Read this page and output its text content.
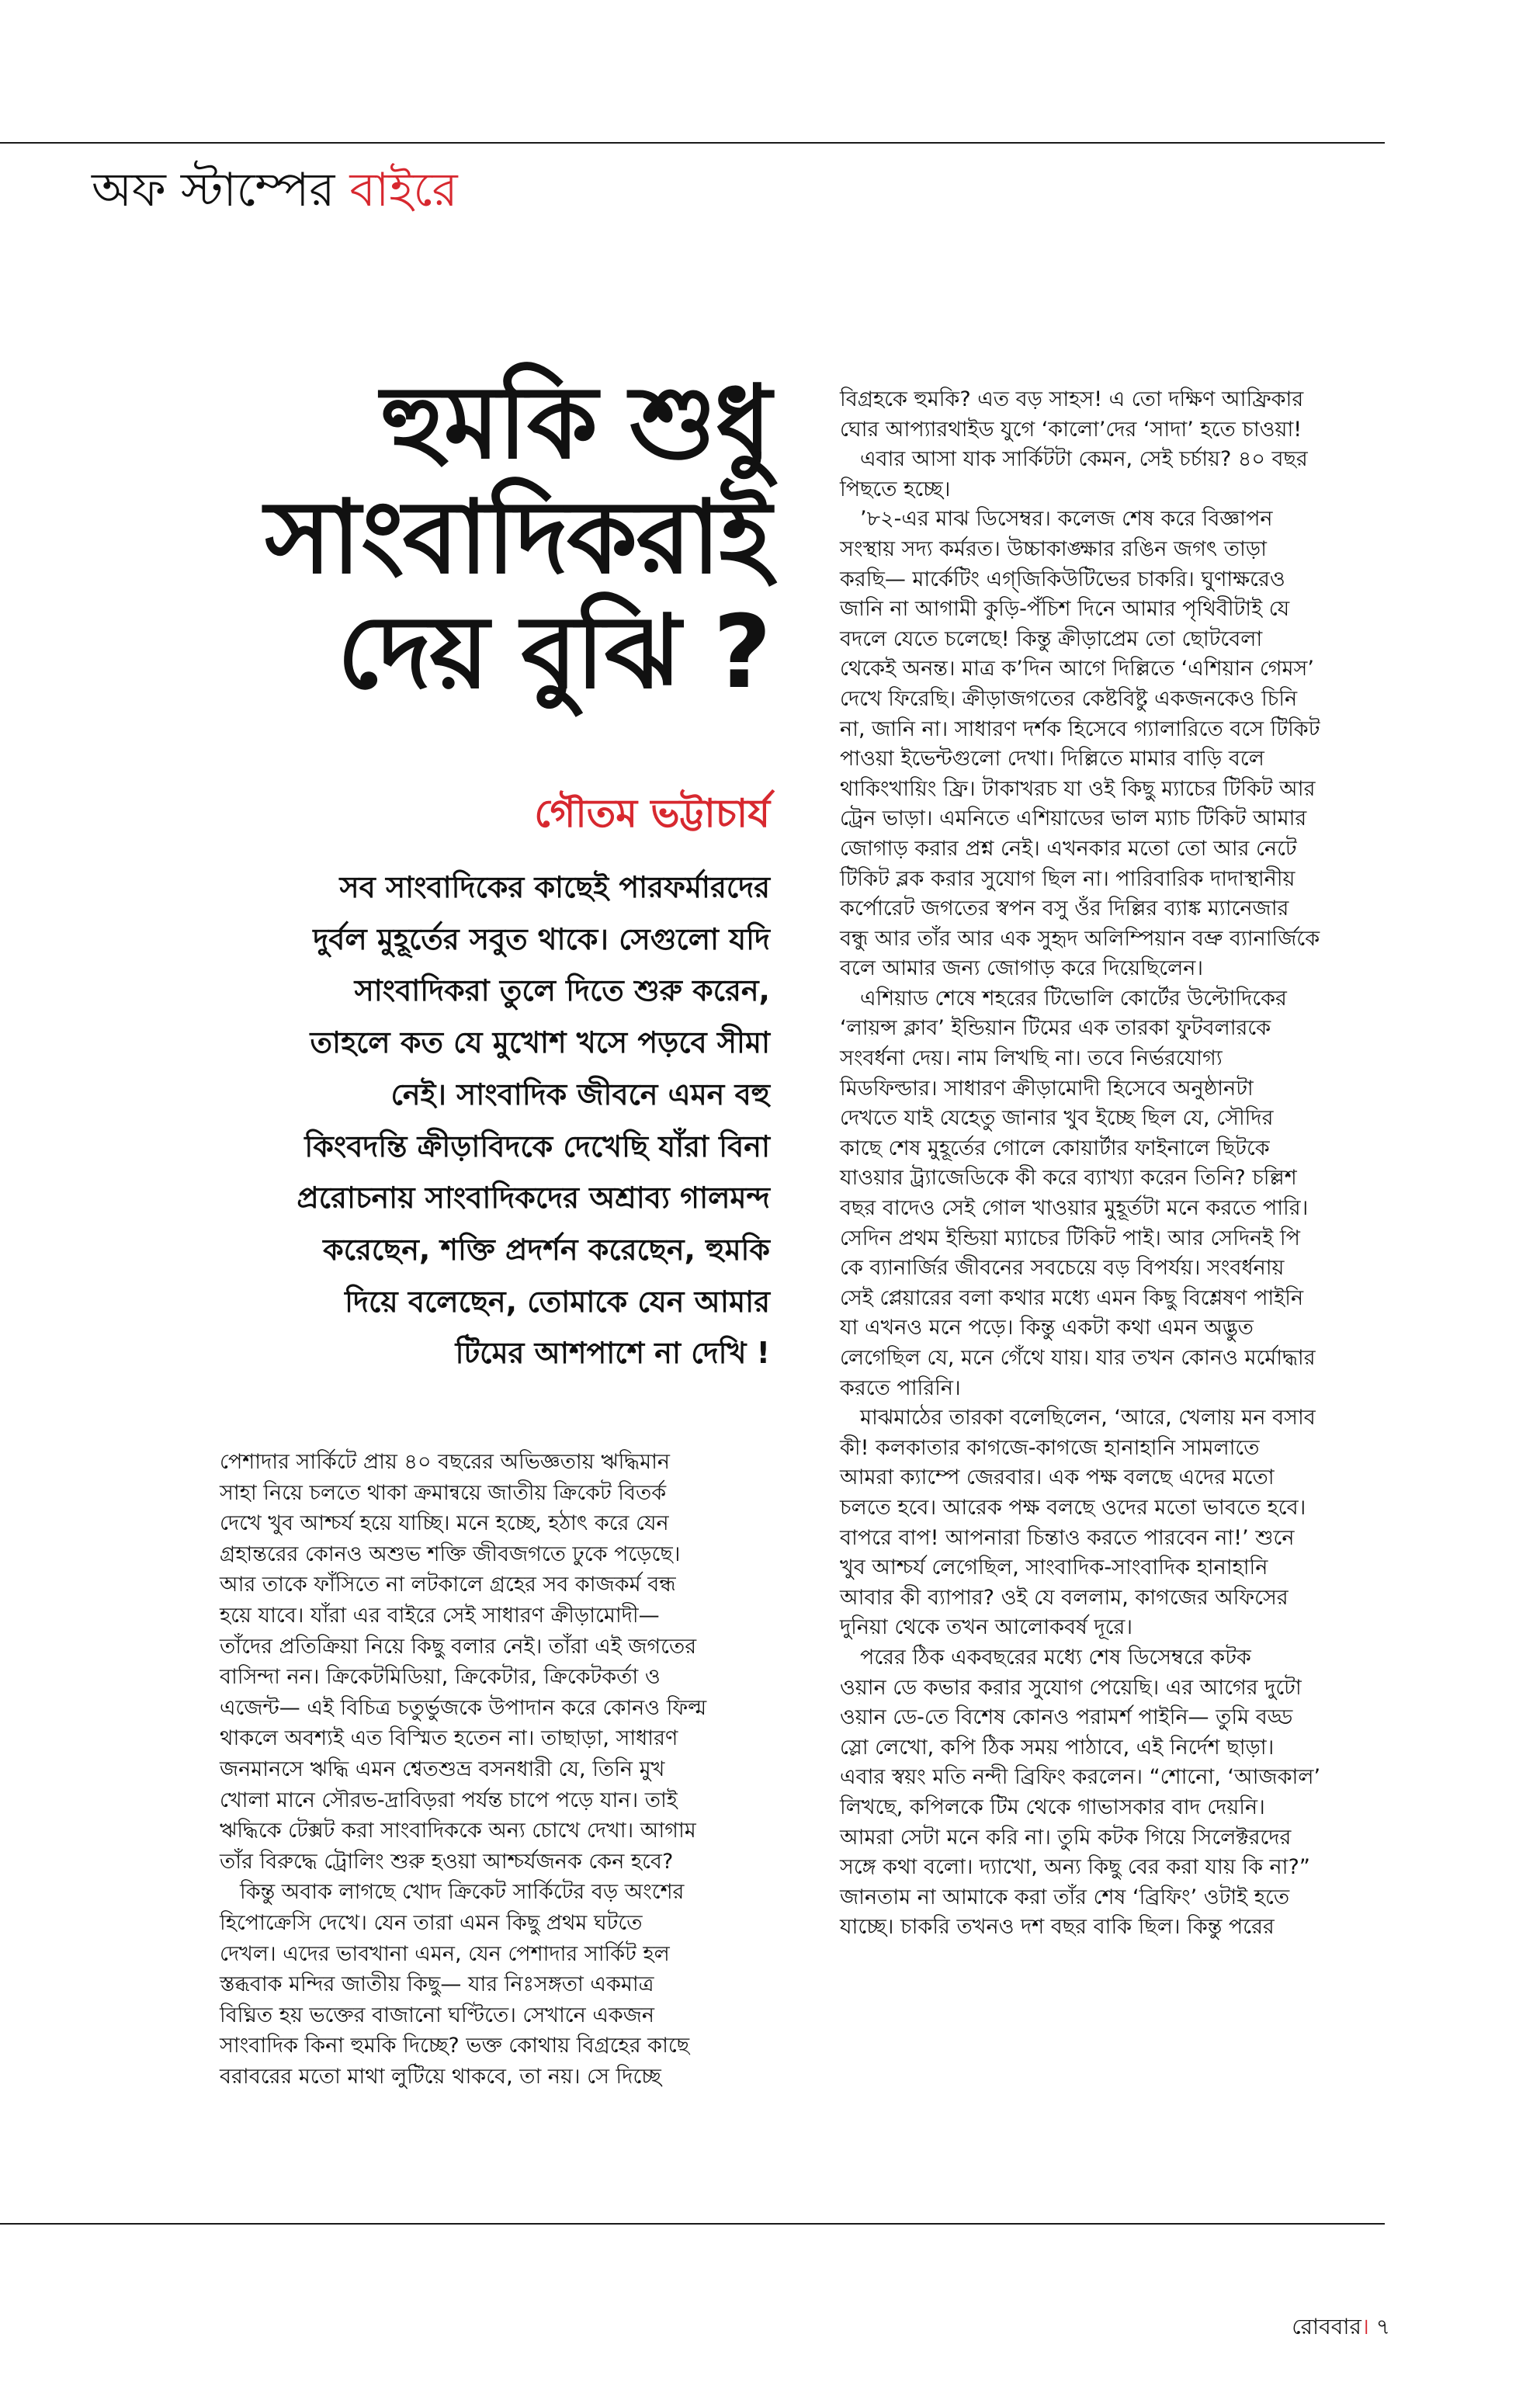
অফ স্টাম্পের বাইরে
হুমকি শুধু
সাংবাদিকরাই
দেয় বুঝি ?
গৌতম ভট্টাচার্য
সব সাংবাদিকের কাছেই পারফর্মারদের
দুর্বল মুহূর্তের সবুত থাকে। সেগুলো যদি
সাংবাদিকরা তুলে দিতে শুরু করেন,
তাহলে কত যে মুখোশ খসে পড়বে সীমা
নেই। সাংবাদিক জীবনে এমন বহু
কিংবদন্তি ক্রীড়াবিদকে দেখেছি যাঁরা বিনা
প্ররোচনায় সাংবাদিকদের অশ্রাব্য গালমন্দ
করেছেন, শক্তি প্রদর্শন করেছেন, হুমকি
দিয়ে বলেছেন, তোমাকে যেন আমার
টিমের আশপাশে না দেখি !
পেশাদার সার্কিটে প্রায় ৪০ বছরের অভিজ্ঞতায় ঋদ্ধিমান
সাহা নিয়ে চলতে থাকা ক্রমান্বয়ে জাতীয় ক্রিকেট বিতর্ক
দেখে খুব আশ্চর্য হয়ে যাচ্ছি। মনে হচ্ছে, হঠাৎ করে যেন
গ্রহান্তরের কোনও অশুভ শক্তি জীবজগতে ঢুকে পড়েছে।
আর তাকে ফাঁসিতে না লটকালে গ্রহের সব কাজকর্ম বন্ধ
হয়ে যাবে। যাঁরা এর বাইরে সেই সাধারণ ক্রীড়ামোদী—
তাঁদের প্রতিক্রিয়া নিয়ে কিছু বলার নেই। তাঁরা এই জগতের
বাসিন্দা নন। ক্রিকেটমিডিয়া, ক্রিকেটার, ক্রিকেটকর্তা ও
এজেন্ট— এই বিচিত্র চতুর্ভুজকে উপাদান করে কোনও ফিল্ম
থাকলে অবশ্যই এত বিস্মিত হতেন না। তাছাড়া, সাধারণ
জনমানসে ঋদ্ধি এমন শ্বেতশুভ্র বসনধারী যে, তিনি মুখ
খোলা মানে সৌরভ-দ্রাবিড়রা পর্যন্ত চাপে পড়ে যান। তাই
ঋদ্ধিকে টেক্সট করা সাংবাদিককে অন্য চোখে দেখা। আগাম
তাঁর বিরুদ্ধে ট্রোলিং শুরু হওয়া আশ্চর্যজনক কেন হবে?
কিন্তু অবাক লাগছে খোদ ক্রিকেট সার্কিটের বড় অংশের
হিপোক্রেসি দেখে। যেন তারা এমন কিছু প্রথম ঘটতে
দেখল। এদের ভাবখানা এমন, যেন পেশাদার সার্কিট হল
স্তব্ধবাক মন্দির জাতীয় কিছু— যার নিঃসঙ্গতা একমাত্র
বিঘ্নিত হয় ভক্তের বাজানো ঘণ্টিতে। সেখানে একজন
সাংবাদিক কিনা হুমকি দিচ্ছে? ভক্ত কোথায় বিগ্রহের কাছে
বরাবরের মতো মাথা লুটিয়ে থাকবে, তা নয়। সে দিচ্ছে
বিগ্রহকে হুমকি? এত বড় সাহস! এ তো দক্ষিণ আফ্রিকার
ঘোর আপ্যারথাইড যুগে ‘কালো’দের ‘সাদা’ হতে চাওয়া!
এবার আসা যাক সার্কিটটা কেমন, সেই চর্চায়? ৪০ বছর
পিছতে হচ্ছে।
’৮২-এর মাঝ ডিসেম্বর। কলেজ শেষ করে বিজ্ঞাপন
সংস্থায় সদ্য কর্মরত। উচ্চাকাঙ্ক্ষার রঙিন জগৎ তাড়া
করছি— মার্কেটিং এগ্‌জিকিউটিভের চাকরি। ঘুণাক্ষরেও
জানি না আগামী কুড়ি-পঁচিশ দিনে আমার পৃথিবীটাই যে
বদলে যেতে চলেছে! কিন্তু ক্রীড়াপ্রেম তো ছোটবেলা
থেকেই অনন্ত। মাত্র ক’দিন আগে দিল্লিতে ‘এশিয়ান গেমস’
দেখে ফিরেছি। ক্রীড়াজগতের কেষ্টবিষ্টু একজনকেও চিনি
না, জানি না। সাধারণ দর্শক হিসেবে গ্যালারিতে বসে টিকিট
পাওয়া ইভেন্টগুলো দেখা। দিল্লিতে মামার বাড়ি বলে
থাকিংখায়িং ফ্রি। টাকাখরচ যা ওই কিছু ম্যাচের টিকিট আর
ট্রেন ভাড়া। এমনিতে এশিয়াডের ভাল ম্যাচ টিকিট আমার
জোগাড় করার প্রশ্ন নেই। এখনকার মতো তো আর নেটে
টিকিট ব্লক করার সুযোগ ছিল না। পারিবারিক দাদাস্থানীয়
কর্পোরেট জগতের স্বপন বসু ওঁর দিল্লির ব্যাঙ্ক ম্যানেজার
বন্ধু আর তাঁর আর এক সুহৃদ অলিম্পিয়ান বভ্রু ব্যানার্জিকে
বলে আমার জন্য জোগাড় করে দিয়েছিলেন।
এশিয়াড শেষে শহরের টিভোলি কোর্টের উল্টোদিকের
‘লায়ন্স ক্লাব’ ইন্ডিয়ান টিমের এক তারকা ফুটবলারকে
সংবর্ধনা দেয়। নাম লিখছি না। তবে নির্ভরযোগ্য
মিডফিল্ডার। সাধারণ ক্রীড়ামোদী হিসেবে অনুষ্ঠানটা
দেখতে যাই যেহেতু জানার খুব ইচ্ছে ছিল যে, সৌদির
কাছে শেষ মুহূর্তের গোলে কোয়ার্টার ফাইনালে ছিটকে
যাওয়ার ট্র্যাজেডিকে কী করে ব্যাখ্যা করেন তিনি? চল্লিশ
বছর বাদেও সেই গোল খাওয়ার মুহূর্তটা মনে করতে পারি।
সেদিন প্রথম ইন্ডিয়া ম্যাচের টিকিট পাই। আর সেদিনই পি
কে ব্যানার্জির জীবনের সবচেয়ে বড় বিপর্যয়। সংবর্ধনায়
সেই প্লেয়ারের বলা কথার মধ্যে এমন কিছু বিশ্লেষণ পাইনি
যা এখনও মনে পড়ে। কিন্তু একটা কথা এমন অদ্ভুত
লেগেছিল যে, মনে গেঁথে যায়। যার তখন কোনও মর্মোদ্ধার
করতে পারিনি।
মাঝমাঠের তারকা বলেছিলেন, ‘আরে, খেলায় মন বসাব
কী! কলকাতার কাগজে-কাগজে হানাহানি সামলাতে
আমরা ক্যাম্পে জেরবার। এক পক্ষ বলছে এদের মতো
চলতে হবে। আরেক পক্ষ বলছে ওদের মতো ভাবতে হবে।
বাপরে বাপ! আপনারা চিন্তাও করতে পারবেন না!’ শুনে
খুব আশ্চর্য লেগেছিল, সাংবাদিক-সাংবাদিক হানাহানি
আবার কী ব্যাপার? ওই যে বললাম, কাগজের অফিসের
দুনিয়া থেকে তখন আলোকবর্ষ দূরে।
পরের ঠিক একবছরের মধ্যে শেষ ডিসেম্বরে কটক
ওয়ান ডে কভার করার সুযোগ পেয়েছি। এর আগের দুটো
ওয়ান ডে-তে বিশেষ কোনও পরামর্শ পাইনি— তুমি বড্ড
স্লো লেখো, কপি ঠিক সময় পাঠাবে, এই নির্দেশ ছাড়া।
এবার স্বয়ং মতি নন্দী ব্রিফিং করলেন। “শোনো, ‘আজকাল’
লিখছে, কপিলকে টিম থেকে গাভাসকার বাদ দেয়নি।
আমরা সেটা মনে করি না। তুমি কটক গিয়ে সিলেক্টরদের
সঙ্গে কথা বলো। দ্যাখো, অন্য কিছু বের করা যায় কি না?”
জানতাম না আমাকে করা তাঁর শেষ ‘ব্রিফিং’ ওটাই হতে
যাচ্ছে। চাকরি তখনও দশ বছর বাকি ছিল। কিন্তু পরের
রোববার। ৭
